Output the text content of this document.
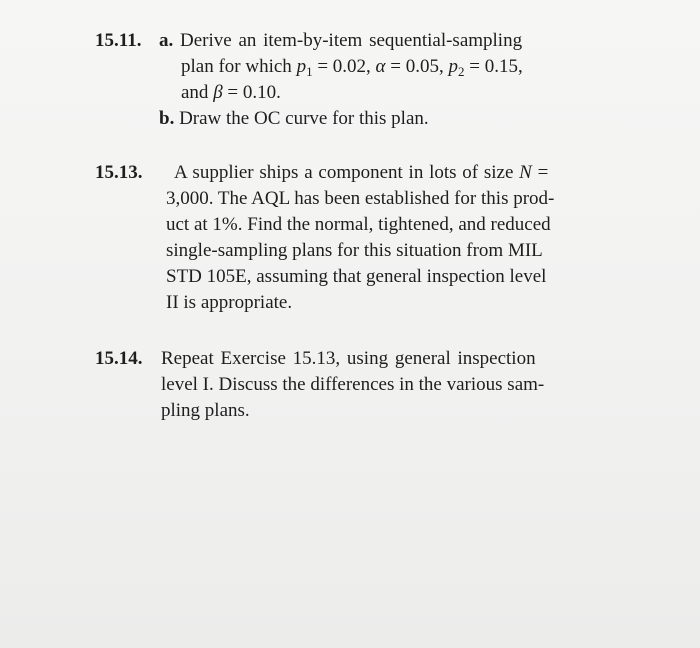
15.11. a. Derive an item-by-item sequential-sampling
plan for which $p_1 = 0.02$, α = 0.05, $p_2 = 0.15$,
and β = 0.10.
b. Draw the OC curve for this plan.
15.13. A supplier ships a component in lots of size N =
3,000. The AQL has been established for this prod-
uct at 1%. Find the normal, tightened, and reduced
single-sampling plans for this situation from MIL
STD 105E, assuming that general inspection level
II is appropriate.
15.14. Repeat Exercise 15.13, using general inspection
level I. Discuss the differences in the various sam-
pling plans.
